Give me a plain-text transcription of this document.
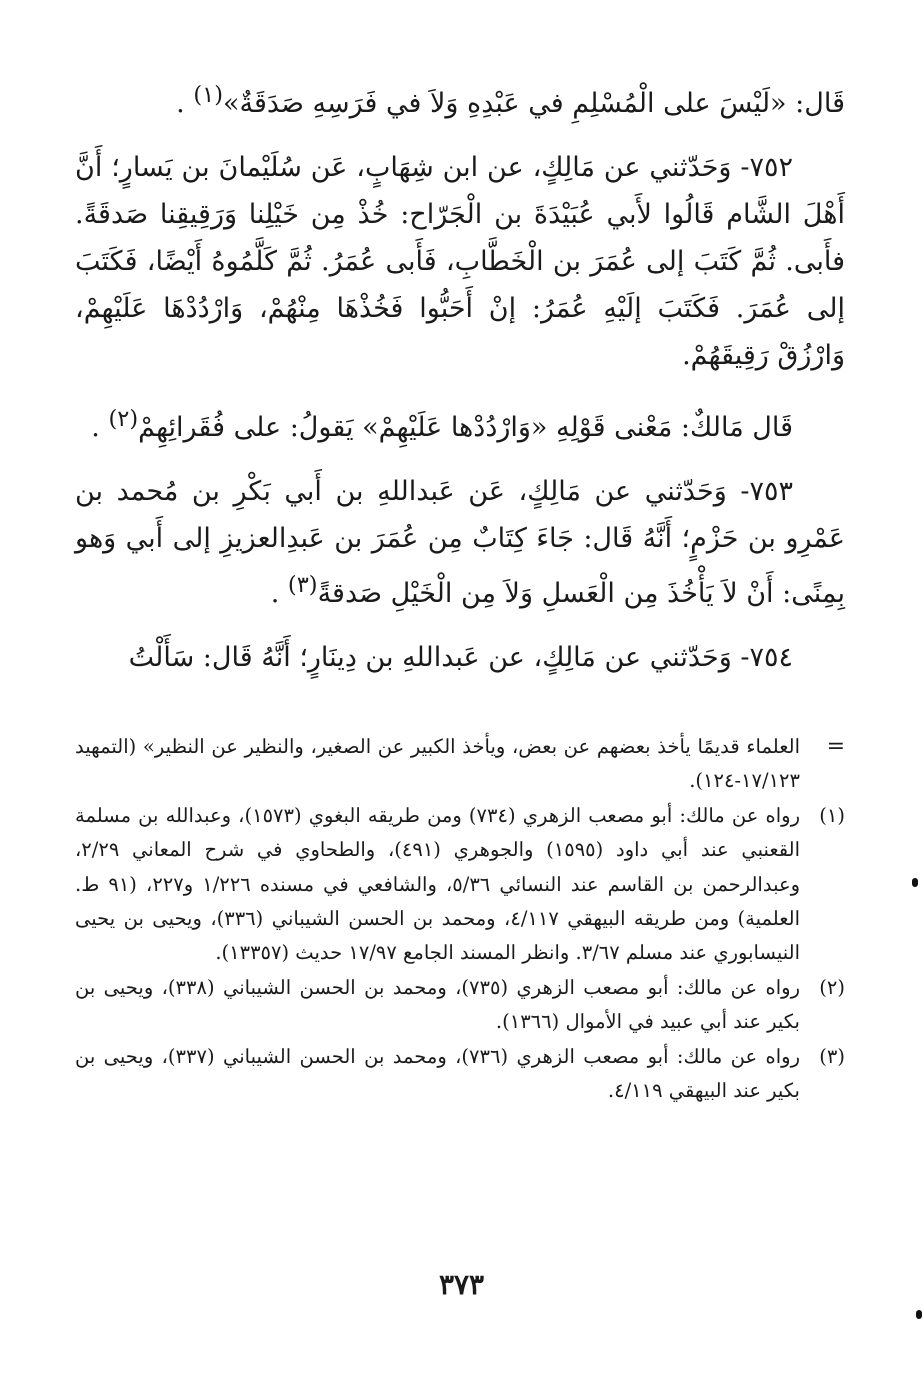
قَال: «لَيْسَ على الْمُسْلِمِ في عَبْدِهِ وَلاَ في فَرَسِهِ صَدَقَةٌ»$^{(١)}$ .

٧٥٢- وَحَدّثني عن مَالِكٍ، عن ابن شِهَابٍ، عَن سُلَيْمانَ بن يَسارٍ؛ أَنَّ أَهْلَ الشَّام قَالُوا لأَبي عُبَيْدَةَ بن الْجَرّاح: خُذْ مِن خَيْلِنا وَرَقِيقِنا صَدقَةً. فأَبى. ثُمَّ كَتَبَ إلى عُمَرَ بن الْخَطَّابِ، فَأَبى عُمَرُ. ثُمَّ كَلَّمُوهُ أَيْضًا، فَكَتَبَ إلى عُمَرَ. فَكَتَبَ إلَيْهِ عُمَرُ: إنْ أَحَبُّوا فَخُذْهَا مِنْهُمْ، وَارْدُدْهَا عَلَيْهِمْ، وَارْزُقْ رَقِيقَهُمْ.

قَال مَالكٌ: مَعْنى قَوْلِهِ «وَارْدُدْها عَلَيْهِمْ» يَقولُ: على فُقَرائِهِمْ$^{(٢)}$ .

٧٥٣- وَحَدّثني عن مَالِكٍ، عَن عَبداللهِ بن أَبي بَكْرِ بن مُحمد بن عَمْرِو بن حَزْمٍ؛ أَنَّهُ قَال: جَاءَ كِتَابٌ مِن عُمَرَ بن عَبدِالعزيزِ إلى أَبي وَهو بِمِنًى: أَنْ لاَ يَأْخُذَ مِن الْعَسلِ وَلاَ مِن الْخَيْلِ صَدقةً$^{(٣)}$ .

٧٥٤- وَحَدّثني عن مَالِكٍ، عن عَبداللهِ بن دِينَارٍ؛ أَنَّهُ قَال: سَأَلْتُ

=
العلماء قديمًا يأخذ بعضهم عن بعض، ويأخذ الكبير عن الصغير، والنظير عن النظير» (التمهيد ١٧/١٢٣-١٢٤).
(١)
رواه عن مالك: أبو مصعب الزهري (٧٣٤) ومن طريقه البغوي (١٥٧٣)، وعبدالله بن مسلمة القعنبي عند أبي داود (١٥٩٥) والجوهري (٤٩١)، والطحاوي في شرح المعاني ٢/٢٩، وعبدالرحمن بن القاسم عند النسائي ٥/٣٦، والشافعي في مسنده ١/٢٢٦ و٢٢٧، (٩١ ط. العلمية) ومن طريقه البيهقي ٤/١١٧، ومحمد بن الحسن الشيباني (٣٣٦)، ويحيى بن يحيى النيسابوري عند مسلم ٣/٦٧. وانظر المسند الجامع ١٧/٩٧ حديث (١٣٣٥٧).
(٢)
رواه عن مالك: أبو مصعب الزهري (٧٣٥)، ومحمد بن الحسن الشيباني (٣٣٨)، ويحيى بن بكير عند أبي عبيد في الأموال (١٣٦٦).
(٣)
رواه عن مالك: أبو مصعب الزهري (٧٣٦)، ومحمد بن الحسن الشيباني (٣٣٧)، ويحيى بن بكير عند البيهقي ٤/١١٩.
٣٧٣
